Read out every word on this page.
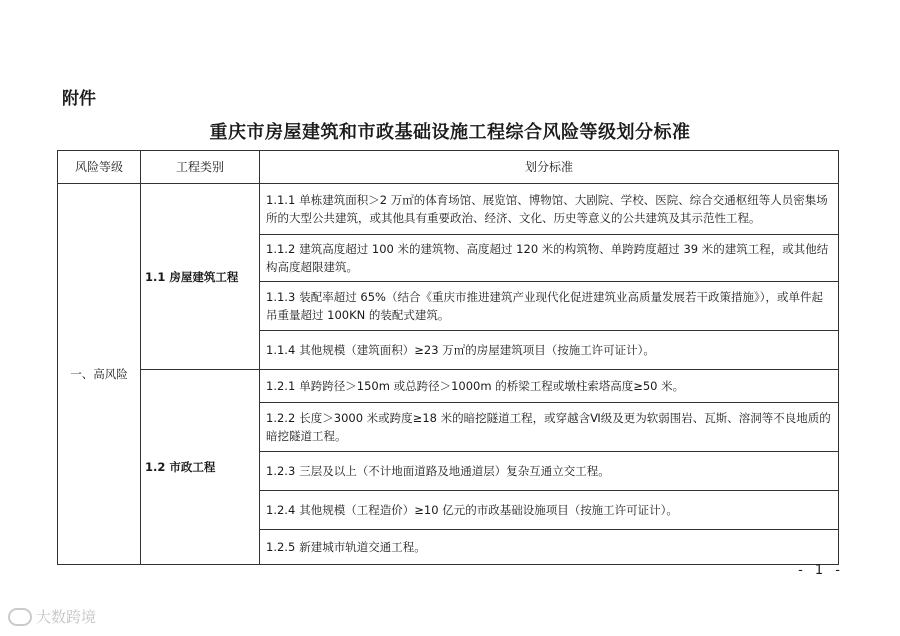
附件
重庆市房屋建筑和市政基础设施工程综合风险等级划分标准
风险等级	工程类别	划分标准
一、高风险	1.1 房屋建筑工程	1.1.1 单栋建筑面积＞2 万㎡的体育场馆、展览馆、博物馆、大剧院、学校、医院、综合交通枢纽等人员密集场所的大型公共建筑，或其他具有重要政治、经济、文化、历史等意义的公共建筑及其示范性工程。
		1.1.2 建筑高度超过 100 米的建筑物、高度超过 120 米的构筑物、单跨跨度超过 39 米的建筑工程，或其他结构高度超限建筑。
		1.1.3 装配率超过 65%（结合《重庆市推进建筑产业现代化促进建筑业高质量发展若干政策措施》），或单件起吊重量超过 100KN 的装配式建筑。
		1.1.4 其他规模（建筑面积）≥23 万㎡的房屋建筑项目（按施工许可证计）。
	1.2 市政工程	1.2.1 单跨跨径＞150m 或总跨径＞1000m 的桥梁工程或墩柱索塔高度≥50 米。
		1.2.2 长度＞3000 米或跨度≥18 米的暗挖隧道工程，或穿越含Ⅵ级及更为软弱围岩、瓦斯、溶洞等不良地质的暗挖隧道工程。
		1.2.3 三层及以上（不计地面道路及地通道层）复杂互通立交工程。
		1.2.4 其他规模（工程造价）≥10 亿元的市政基础设施项目（按施工许可证计）。
		1.2.5 新建城市轨道交通工程。
- 1 -
大数跨境
